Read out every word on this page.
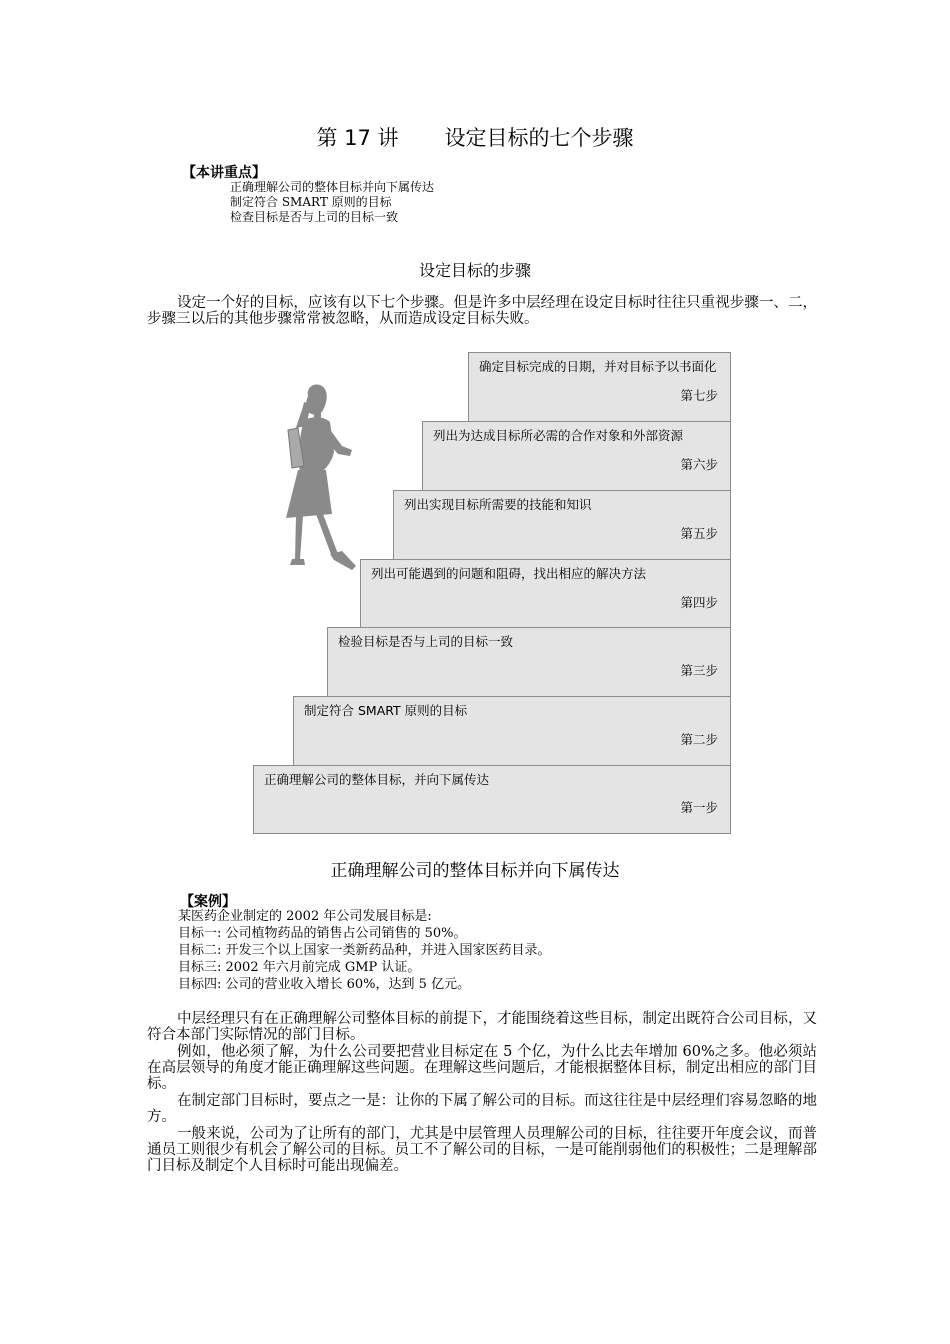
第 17 讲 设定目标的七个步骤
【本讲重点】
正确理解公司的整体目标并向下属传达
制定符合 SMART 原则的目标
检查目标是否与上司的目标一致
设定目标的步骤
设定一个好的目标，应该有以下七个步骤。但是许多中层经理在设定目标时往往只重视步骤一、二，步骤三以后的其他步骤常常被忽略，从而造成设定目标失败。
确定目标完成的日期，并对目标予以书面化
第七步
列出为达成目标所必需的合作对象和外部资源
第六步
列出实现目标所需要的技能和知识
第五步
列出可能遇到的问题和阻碍，找出相应的解决方法
第四步
检验目标是否与上司的目标一致
第三步
制定符合 SMART 原则的目标
第二步
正确理解公司的整体目标，并向下属传达
第一步
正确理解公司的整体目标并向下属传达
【案例】
某医药企业制定的 2002 年公司发展目标是:
目标一: 公司植物药品的销售占公司销售的 50%。
目标二: 开发三个以上国家一类新药品种，并进入国家医药目录。
目标三: 2002 年六月前完成 GMP 认证。
目标四: 公司的营业收入增长 60%，达到 5 亿元。
中层经理只有在正确理解公司整体目标的前提下，才能围绕着这些目标，制定出既符合公司目标，又符合本部门实际情况的部门目标。
例如，他必须了解，为什么公司要把营业目标定在 5 个亿，为什么比去年增加 60%之多。他必须站在高层领导的角度才能正确理解这些问题。在理解这些问题后，才能根据整体目标，制定出相应的部门目标。
在制定部门目标时，要点之一是：让你的下属了解公司的目标。而这往往是中层经理们容易忽略的地方。
一般来说，公司为了让所有的部门，尤其是中层管理人员理解公司的目标，往往要开年度会议，而普通员工则很少有机会了解公司的目标。员工不了解公司的目标，一是可能削弱他们的积极性；二是理解部门目标及制定个人目标时可能出现偏差。
